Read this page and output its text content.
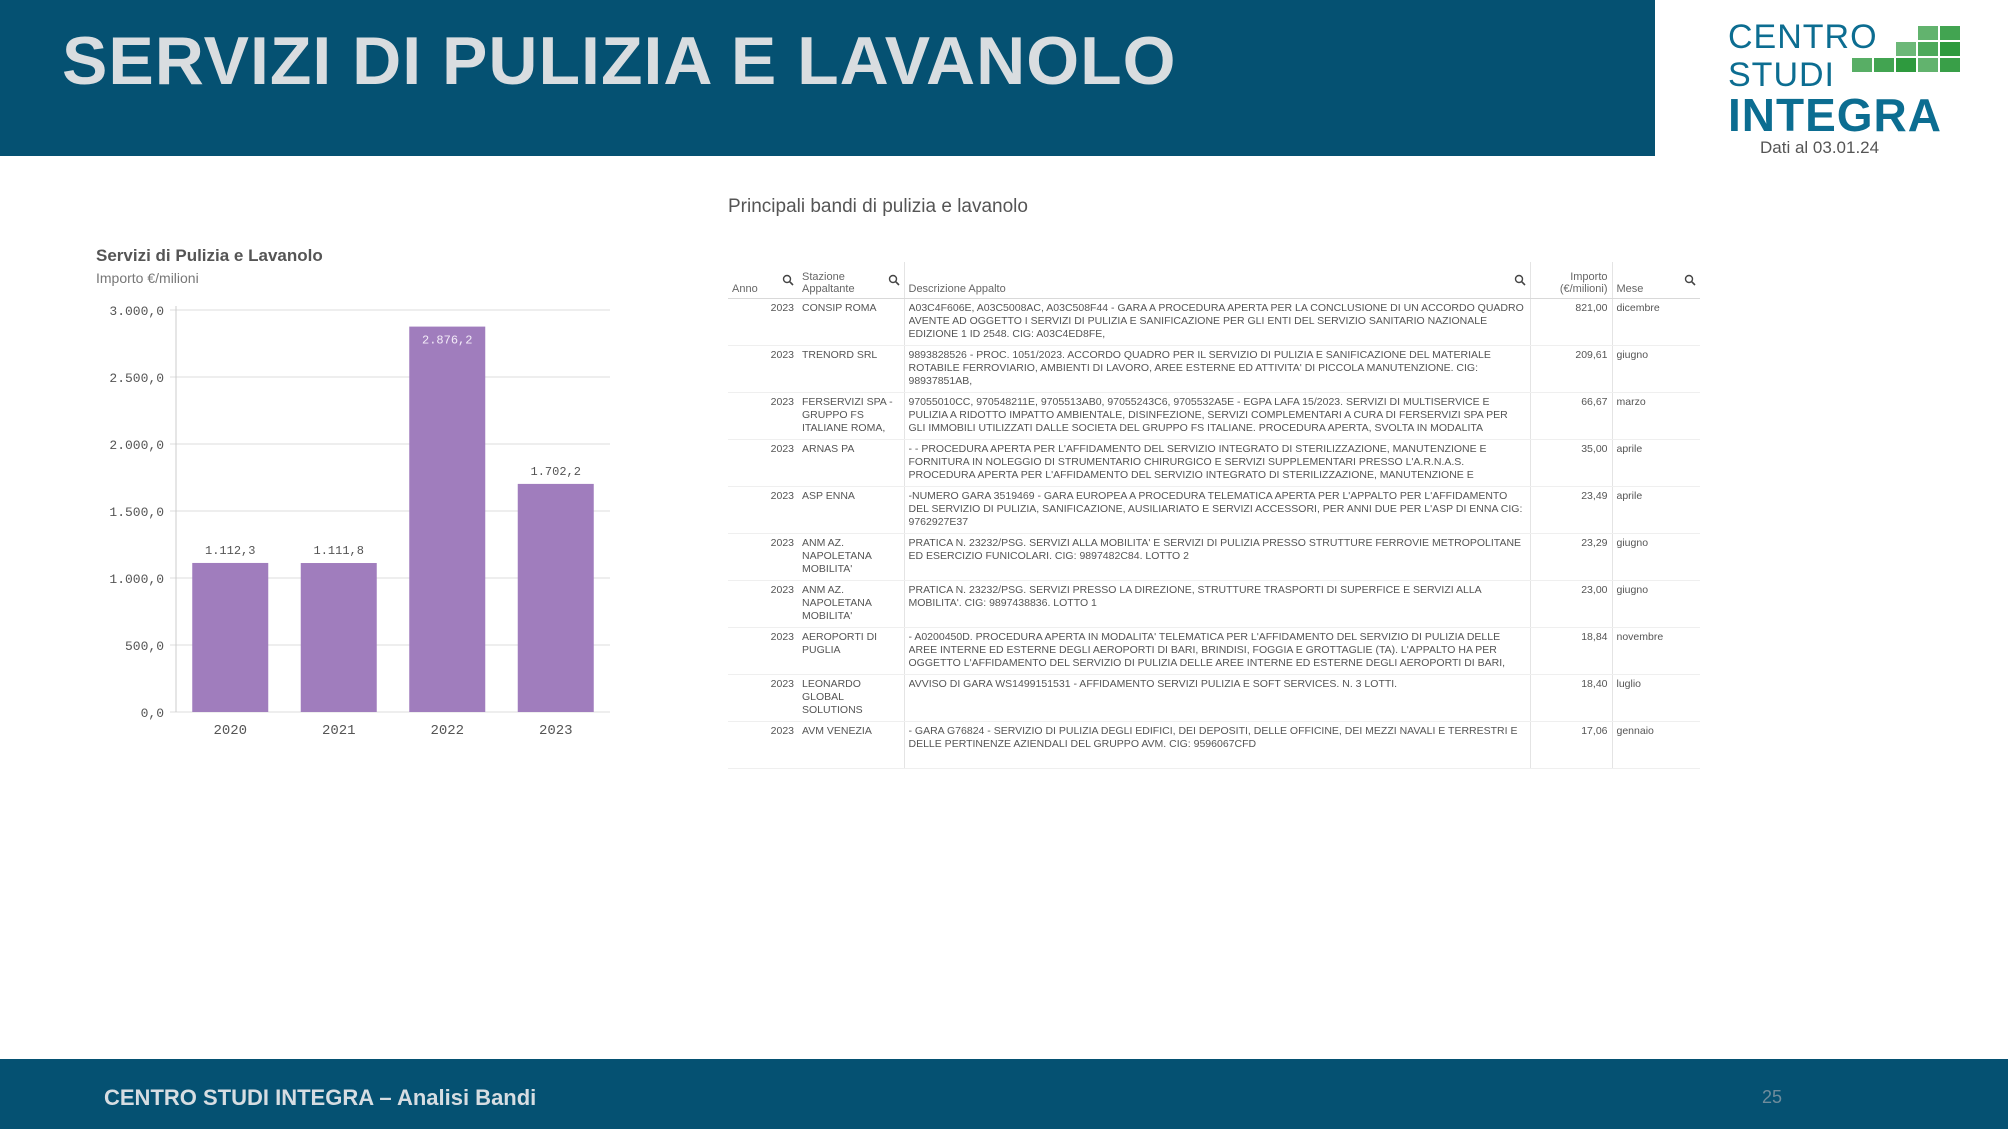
SERVIZI DI PULIZIA E LAVANOLO	CENTRO
STUDI
INTEGRA
Dati al 03.01.24
Servizi di Pulizia e Lavanolo
Importo €/milioni
0,0
500,0
1.000,0
1.500,0
2.000,0
2.500,0
3.000,0
1.112,3
2020
1.111,8
2021
2.876,2
2022
1.702,2
2023
Principali bandi di pulizia e lavanolo
Anno	Stazione Appaltante	Descrizione Appalto	Importo (€/milioni)	Mese

2023	CONSIP ROMA	A03C4F606E, A03C5008AC, A03C508F44 - GARA A PROCEDURA APERTA PER LA CONCLUSIONE DI UN ACCORDO QUADRO AVENTE AD OGGETTO I SERVIZI DI PULIZIA E SANIFICAZIONE PER GLI ENTI DEL SERVIZIO SANITARIO NAZIONALE EDIZIONE 1 ID 2548. CIG: A03C4ED8FE,	821,00	dicembre
2023	TRENORD SRL	9893828526 - PROC. 1051/2023. ACCORDO QUADRO PER IL SERVIZIO DI PULIZIA E SANIFICAZIONE DEL MATERIALE ROTABILE FERROVIARIO, AMBIENTI DI LAVORO, AREE ESTERNE ED ATTIVITA' DI PICCOLA MANUTENZIONE. CIG: 98937851AB,	209,61	giugno
2023	FERSERVIZI SPA - GRUPPO FS ITALIANE ROMA,	97055010CC, 970548211E, 9705513AB0, 97055243C6, 9705532A5E - EGPA LAFA 15/2023. SERVIZI DI MULTISERVICE E PULIZIA A RIDOTTO IMPATTO AMBIENTALE, DISINFEZIONE, SERVIZI COMPLEMENTARI A CURA DI FERSERVIZI SPA PER GLI IMMOBILI UTILIZZATI DALLE SOCIETA DEL GRUPPO FS ITALIANE. PROCEDURA APERTA, SVOLTA IN MODALITA	66,67	marzo
2023	ARNAS PA	- - PROCEDURA APERTA PER L'AFFIDAMENTO DEL SERVIZIO INTEGRATO DI STERILIZZAZIONE, MANUTENZIONE E FORNITURA IN NOLEGGIO DI STRUMENTARIO CHIRURGICO E SERVIZI SUPPLEMENTARI PRESSO L'A.R.N.A.S. PROCEDURA APERTA PER L'AFFIDAMENTO DEL SERVIZIO INTEGRATO DI STERILIZZAZIONE, MANUTENZIONE E	35,00	aprile
2023	ASP ENNA	-NUMERO GARA 3519469 - GARA EUROPEA A PROCEDURA TELEMATICA APERTA PER L'APPALTO PER L'AFFIDAMENTO DEL SERVIZIO DI PULIZIA, SANIFICAZIONE, AUSILIARIATO E SERVIZI ACCESSORI, PER ANNI DUE PER L'ASP DI ENNA CIG: 9762927E37	23,49	aprile
2023	ANM AZ. NAPOLETANA MOBILITA'	PRATICA N. 23232/PSG. SERVIZI ALLA MOBILITA' E SERVIZI DI PULIZIA PRESSO STRUTTURE FERROVIE METROPOLITANE ED ESERCIZIO FUNICOLARI. CIG: 9897482C84. LOTTO 2	23,29	giugno
2023	ANM AZ. NAPOLETANA MOBILITA'	PRATICA N. 23232/PSG. SERVIZI PRESSO LA DIREZIONE, STRUTTURE TRASPORTI DI SUPERFICE E SERVIZI ALLA MOBILITA'. CIG: 9897438836. LOTTO 1	23,00	giugno
2023	AEROPORTI DI PUGLIA	- A0200450D. PROCEDURA APERTA IN MODALITA' TELEMATICA PER L'AFFIDAMENTO DEL SERVIZIO DI PULIZIA DELLE AREE INTERNE ED ESTERNE DEGLI AEROPORTI DI BARI, BRINDISI, FOGGIA E GROTTAGLIE (TA). L'APPALTO HA PER OGGETTO L'AFFIDAMENTO DEL SERVIZIO DI PULIZIA DELLE AREE INTERNE ED ESTERNE DEGLI AEROPORTI DI BARI,	18,84	novembre
2023	LEONARDO GLOBAL SOLUTIONS	AVVISO DI GARA WS1499151531 - AFFIDAMENTO SERVIZI PULIZIA E SOFT SERVICES. N. 3 LOTTI.	18,40	luglio
2023	AVM VENEZIA	- GARA G76824 - SERVIZIO DI PULIZIA DEGLI EDIFICI, DEI DEPOSITI, DELLE OFFICINE, DEI MEZZI NAVALI E TERRESTRI E DELLE PERTINENZE AZIENDALI DEL GRUPPO AVM. CIG: 9596067CFD	17,06	gennaio
CENTRO STUDI INTEGRA – Analisi Bandi	25
